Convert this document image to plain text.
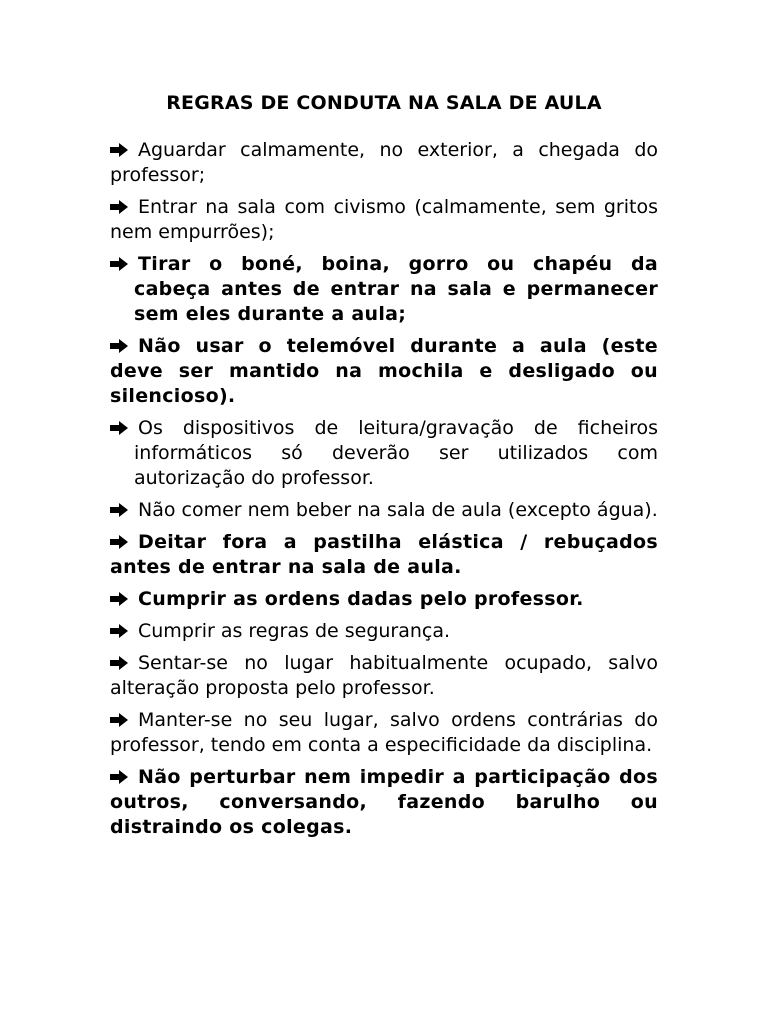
REGRAS DE CONDUTA NA SALA DE AULA
Aguardar calmamente, no exterior, a chegada do professor;
Entrar na sala com civismo (calmamente, sem gritos nem empurrões);
Tirar o boné, boina, gorro ou chapéu da cabeça antes de entrar na sala e permanecer sem eles durante a aula;
Não usar o telemóvel durante a aula (este deve ser mantido na mochila e desligado ou silencioso).
Os dispositivos de leitura/gravação de ficheiros informáticos só deverão ser utilizados com autorização do professor.
Não comer nem beber na sala de aula (excepto água).
Deitar fora a pastilha elástica / rebuçados antes de entrar na sala de aula.
Cumprir as ordens dadas pelo professor.
Cumprir as regras de segurança.
Sentar-se no lugar habitualmente ocupado, salvo alteração proposta pelo professor.
Manter-se no seu lugar, salvo ordens contrárias do professor, tendo em conta a especificidade da disciplina.
Não perturbar nem impedir a participação dos outros, conversando, fazendo barulho ou distraindo os colegas.
